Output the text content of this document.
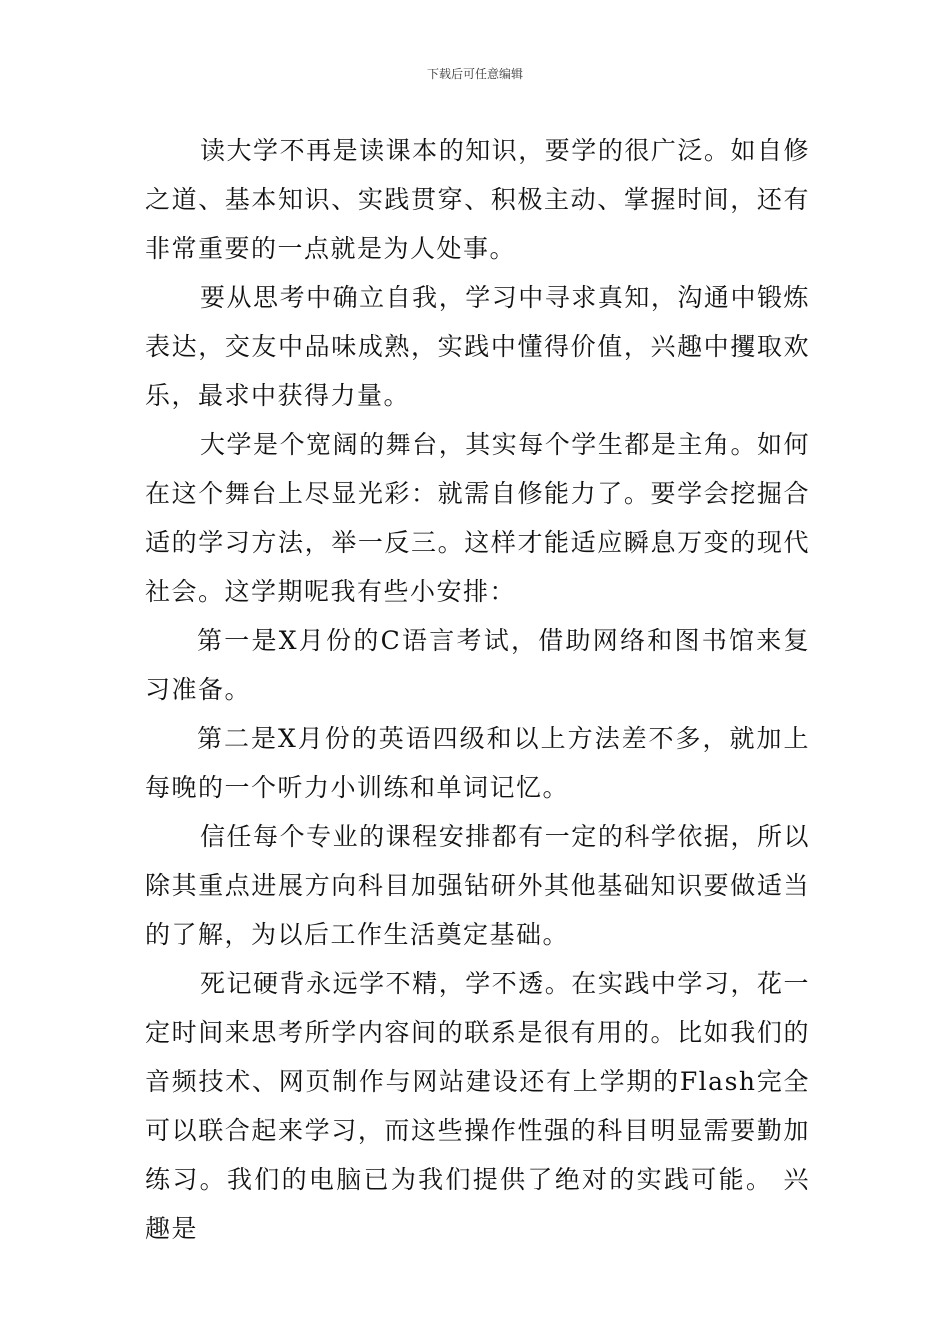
下载后可任意编辑

读大学不再是读课本的知识，要学的很广泛。如自修之道、基本知识、实践贯穿、积极主动、掌握时间，还有非常重要的一点就是为人处事。

要从思考中确立自我，学习中寻求真知，沟通中锻炼表达，交友中品味成熟，实践中懂得价值，兴趣中攫取欢乐，最求中获得力量。

大学是个宽阔的舞台，其实每个学生都是主角。如何在这个舞台上尽显光彩：就需自修能力了。要学会挖掘合适的学习方法，举一反三。这样才能适应瞬息万变的现代社会。这学期呢我有些小安排：

第一是X月份的C语言考试，借助网络和图书馆来复习准备。

第二是X月份的英语四级和以上方法差不多，就加上每晚的一个听力小训练和单词记忆。

信任每个专业的课程安排都有一定的科学依据，所以除其重点进展方向科目加强钻研外其他基础知识要做适当的了解，为以后工作生活奠定基础。

死记硬背永远学不精，学不透。在实践中学习，花一定时间来思考所学内容间的联系是很有用的。比如我们的音频技术、网页制作与网站建设还有上学期的Flash完全可以联合起来学习，而这些操作性强的科目明显需要勤加练习。我们的电脑已为我们提供了绝对的实践可能。 兴趣是
